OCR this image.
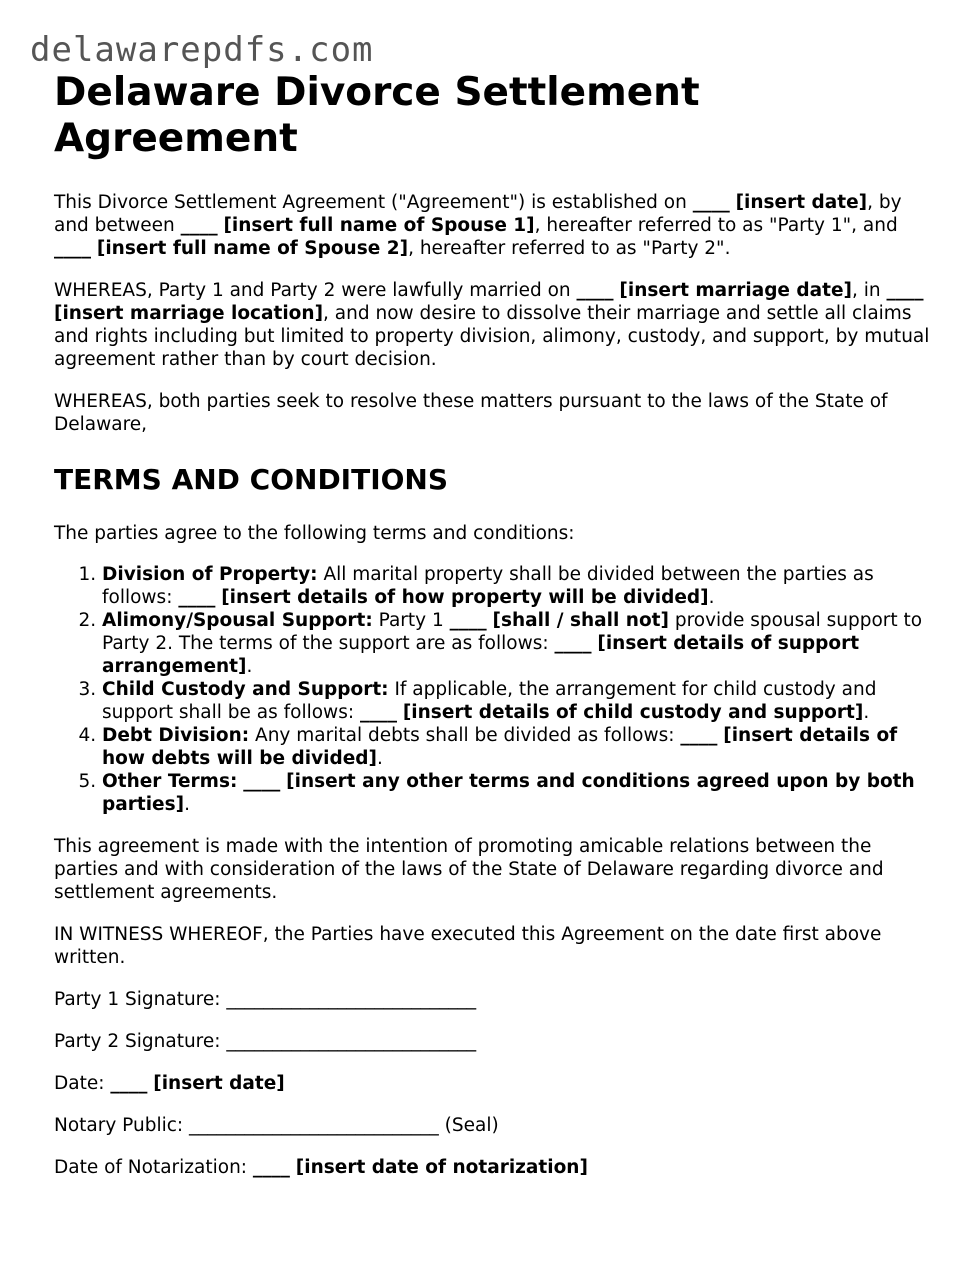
delawarepdfs.com
Delaware Divorce Settlement Agreement

This Divorce Settlement Agreement ("Agreement") is established on ____ [insert date], by and between ____ [insert full name of Spouse 1], hereafter referred to as "Party 1", and ____ [insert full name of Spouse 2], hereafter referred to as "Party 2".

WHEREAS, Party 1 and Party 2 were lawfully married on ____ [insert marriage date], in ____ [insert marriage location], and now desire to dissolve their marriage and settle all claims and rights including but limited to property division, alimony, custody, and support, by mutual agreement rather than by court decision.

WHEREAS, both parties seek to resolve these matters pursuant to the laws of the State of Delaware,

TERMS AND CONDITIONS

The parties agree to the following terms and conditions:

1. Division of Property: All marital property shall be divided between the parties as follows: ____ [insert details of how property will be divided].
2. Alimony/Spousal Support: Party 1 ____ [shall / shall not] provide spousal support to Party 2. The terms of the support are as follows: ____ [insert details of support arrangement].
3. Child Custody and Support: If applicable, the arrangement for child custody and support shall be as follows: ____ [insert details of child custody and support].
4. Debt Division: Any marital debts shall be divided as follows: ____ [insert details of how debts will be divided].
5. Other Terms: ____ [insert any other terms and conditions agreed upon by both parties].

This agreement is made with the intention of promoting amicable relations between the parties and with consideration of the laws of the State of Delaware regarding divorce and settlement agreements.

IN WITNESS WHEREOF, the Parties have executed this Agreement on the date first above written.

Party 1 Signature: ___________________________

Party 2 Signature: ___________________________

Date: ____ [insert date]

Notary Public: ___________________________ (Seal)

Date of Notarization: ____ [insert date of notarization]
